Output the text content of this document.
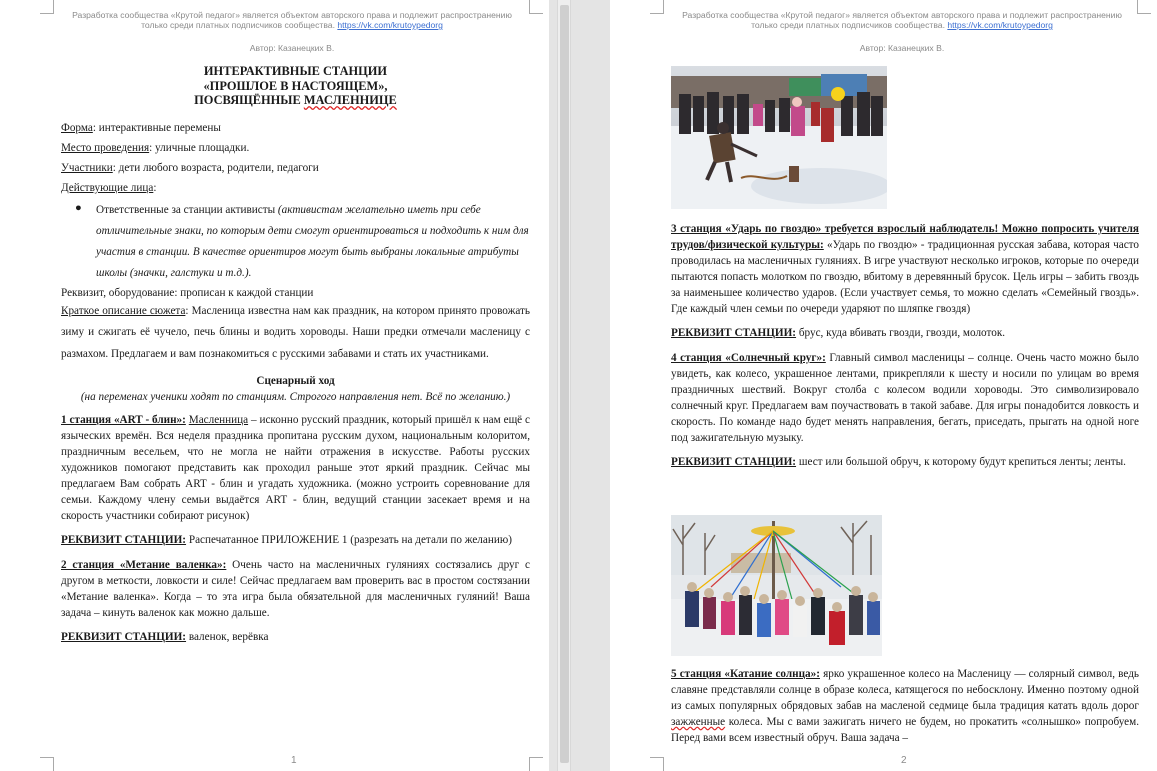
Разработка сообщества «Крутой педагог» является объектом авторского права и подлежит распространению
только среди платных подписчиков сообщества. https://vk.com/krutoypedorg
Автор: Казанецких В.
ИНТЕРАКТИВНЫЕ СТАНЦИИ
«ПРОШЛОЕ В НАСТОЯЩЕМ»,
ПОСВЯЩЁННЫЕ МАСЛЕННИЦЕ
Форма: интерактивные перемены
Место проведения: уличные площадки.
Участники: дети любого возраста, родители, педагоги
Действующие лица:
●	Ответственные за станции активисты (активистам желательно иметь при себе отличительные знаки, по которым дети смогут ориентироваться и подходить к ним для участия в станции. В качестве ориентиров могут быть выбраны локальные атрибуты школы (значки, галстуки и т.д.).
Реквизит, оборудование: прописан к каждой станции
Краткое описание сюжета: Масленица известна нам как праздник, на котором принято провожать зиму и сжигать её чучело, печь блины и водить хороводы. Наши предки отмечали масленицу с размахом. Предлагаем и вам познакомиться с русскими забавами и стать их участниками.
Сценарный ход
(на переменах ученики ходят по станциям. Строгого направления нет. Всё по желанию.)
1 станция «ART - блин»: Масленница – исконно русский праздник, который пришёл к нам ещё с языческих времён. Вся неделя праздника пропитана русским духом, национальным колоритом, праздничным весельем, что не могла не найти отражения в искусстве. Работы русских художников помогают представить как проходил раньше этот яркий праздник. Сейчас мы предлагаем Вам собрать ART - блин и угадать художника. (можно устроить соревнование для семьи. Каждому члену семьи выдаётся ART - блин, ведущий станции засекает время и на скорость участники собирают рисунок)
РЕКВИЗИТ СТАНЦИИ: Распечатанное ПРИЛОЖЕНИЕ 1 (разрезать на детали по желанию)
2 станция «Метание валенка»: Очень часто на масленичных гуляниях состязались друг с другом в меткости, ловкости и силе! Сейчас предлагаем вам проверить вас в простом состязании «Метание валенка». Когда – то эта игра была обязательной для масленичных гуляний! Ваша задача – кинуть валенок как можно дальше.
РЕКВИЗИТ СТАНЦИИ: валенок, верёвка
1
Разработка сообщества «Крутой педагог» является объектом авторского права и подлежит распространению
только среди платных подписчиков сообщества. https://vk.com/krutoypedorg
Автор: Казанецких В.
3 станция «Ударь по гвоздю» требуется взрослый наблюдатель! Можно попросить учителя трудов/физической культуры: «Ударь по гвоздю» - традиционная русская забава, которая часто проводилась на масленичных гуляниях. В игре участвуют несколько игроков, которые по очереди пытаются попасть молотком по гвоздю, вбитому в деревянный брусок. Цель игры – забить гвоздь за наименьшее количество ударов. (Если участвует семья, то можно сделать «Семейный гвоздь». Где каждый член семьи по очереди ударяют по шляпке гвоздя)
РЕКВИЗИТ СТАНЦИИ: брус, куда вбивать гвозди, гвозди, молоток.
4 станция «Солнечный круг»: Главный символ масленицы – солнце. Очень часто можно было увидеть, как колесо, украшенное лентами, прикрепляли к шесту и носили по улицам во время праздничных шествий. Вокруг столба с колесом водили хороводы. Это символизировало солнечный круг. Предлагаем вам поучаствовать в такой забаве. Для игры понадобится ловкость и скорость. По команде надо будет менять направления, бегать, приседать, прыгать на одной ноге под зажигательную музыку.
РЕКВИЗИТ СТАНЦИИ: шест или большой обруч, к которому будут крепиться ленты; ленты.
5 станция «Катание солнца»: ярко украшенное колесо на Масленицу — солярный символ, ведь славяне представляли солнце в образе колеса, катящегося по небосклону. Именно поэтому одной из самых популярных обрядовых забав на масленой седмице была традиция катать вдоль дорог зажженные колеса. Мы с вами зажигать ничего не будем, но прокатить «солнышко» попробуем. Перед вами всем известный обруч. Ваша задача –
2
